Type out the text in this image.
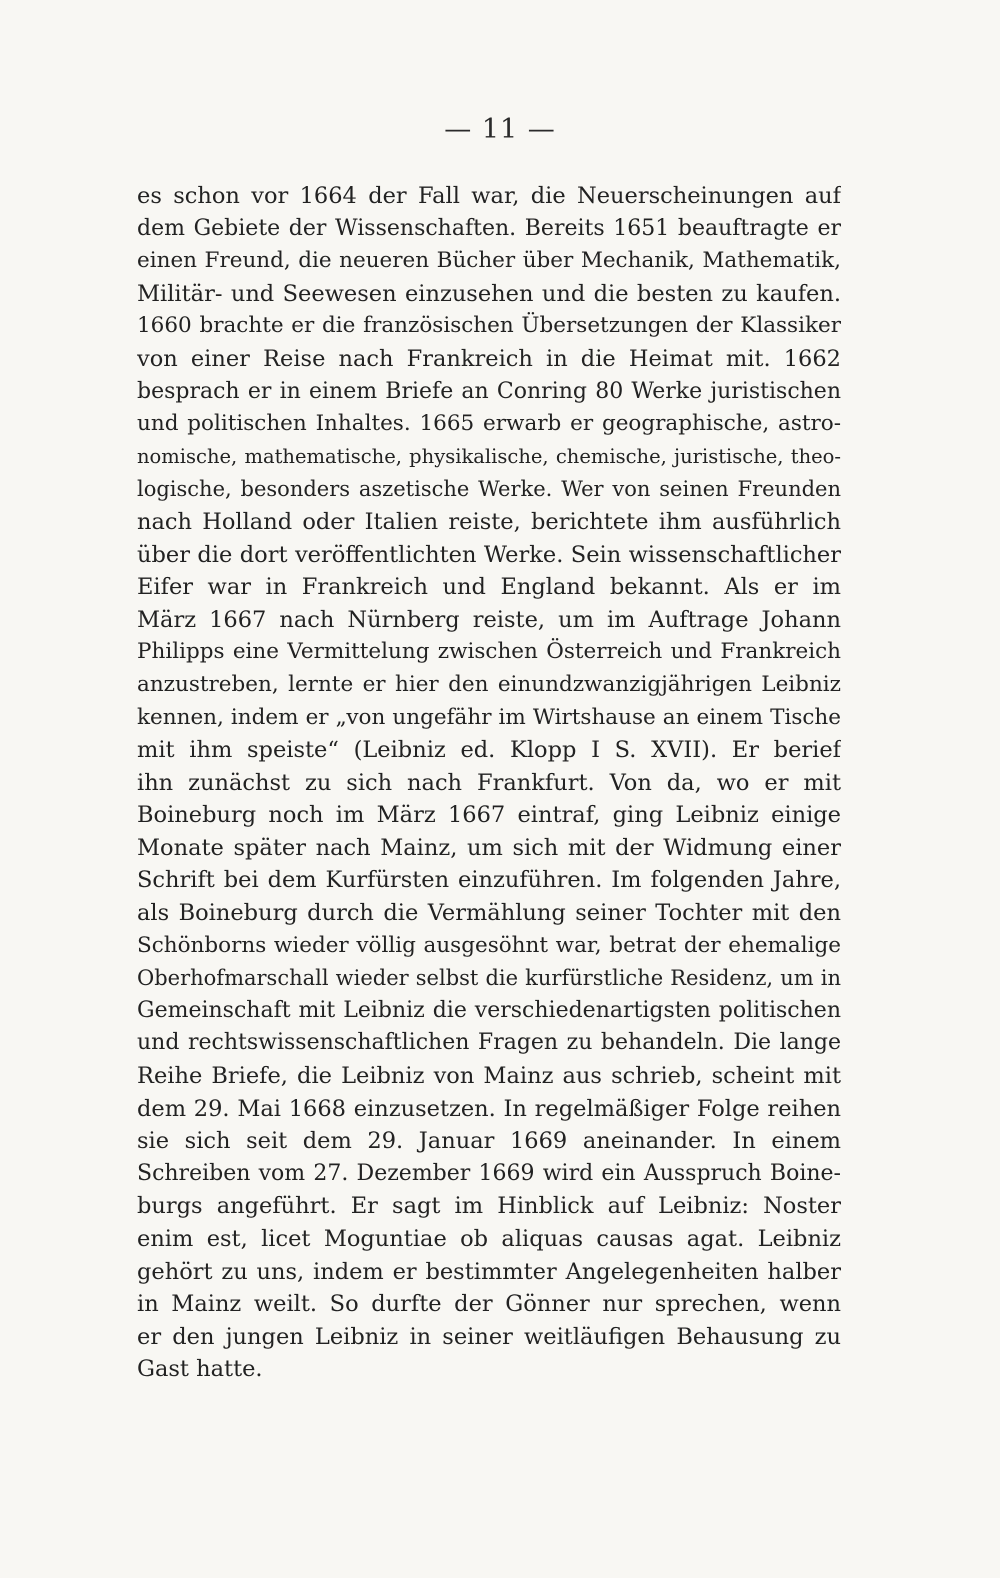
— 11 —
es schon vor 1664 der Fall war, die Neuerscheinungen auf
dem Gebiete der Wissenschaften. Bereits 1651 beauftragte er
einen Freund, die neueren Bücher über Mechanik, Mathematik,
Militär- und Seewesen einzusehen und die besten zu kaufen.
1660 brachte er die französischen Übersetzungen der Klassiker
von einer Reise nach Frankreich in die Heimat mit. 1662
besprach er in einem Briefe an Conring 80 Werke juristischen
und politischen Inhaltes. 1665 erwarb er geographische, astro-
nomische, mathematische, physikalische, chemische, juristische, theo-
logische, besonders aszetische Werke. Wer von seinen Freunden
nach Holland oder Italien reiste, berichtete ihm ausführlich
über die dort veröffentlichten Werke. Sein wissenschaftlicher
Eifer war in Frankreich und England bekannt. Als er im
März 1667 nach Nürnberg reiste, um im Auftrage Johann
Philipps eine Vermittelung zwischen Österreich und Frankreich
anzustreben, lernte er hier den einundzwanzigjährigen Leibniz
kennen, indem er „von ungefähr im Wirtshause an einem Tische
mit ihm speiste“ (Leibniz ed. Klopp I S. XVII). Er berief
ihn zunächst zu sich nach Frankfurt. Von da, wo er mit
Boineburg noch im März 1667 eintraf, ging Leibniz einige
Monate später nach Mainz, um sich mit der Widmung einer
Schrift bei dem Kurfürsten einzuführen. Im folgenden Jahre,
als Boineburg durch die Vermählung seiner Tochter mit den
Schönborns wieder völlig ausgesöhnt war, betrat der ehemalige
Oberhofmarschall wieder selbst die kurfürstliche Residenz, um in
Gemeinschaft mit Leibniz die verschiedenartigsten politischen
und rechtswissenschaftlichen Fragen zu behandeln. Die lange
Reihe Briefe, die Leibniz von Mainz aus schrieb, scheint mit
dem 29. Mai 1668 einzusetzen. In regelmäßiger Folge reihen
sie sich seit dem 29. Januar 1669 aneinander. In einem
Schreiben vom 27. Dezember 1669 wird ein Ausspruch Boine-
burgs angeführt. Er sagt im Hinblick auf Leibniz: Noster
enim est, licet Moguntiae ob aliquas causas agat. Leibniz
gehört zu uns, indem er bestimmter Angelegenheiten halber
in Mainz weilt. So durfte der Gönner nur sprechen, wenn
er den jungen Leibniz in seiner weitläufigen Behausung zu
Gast hatte.
